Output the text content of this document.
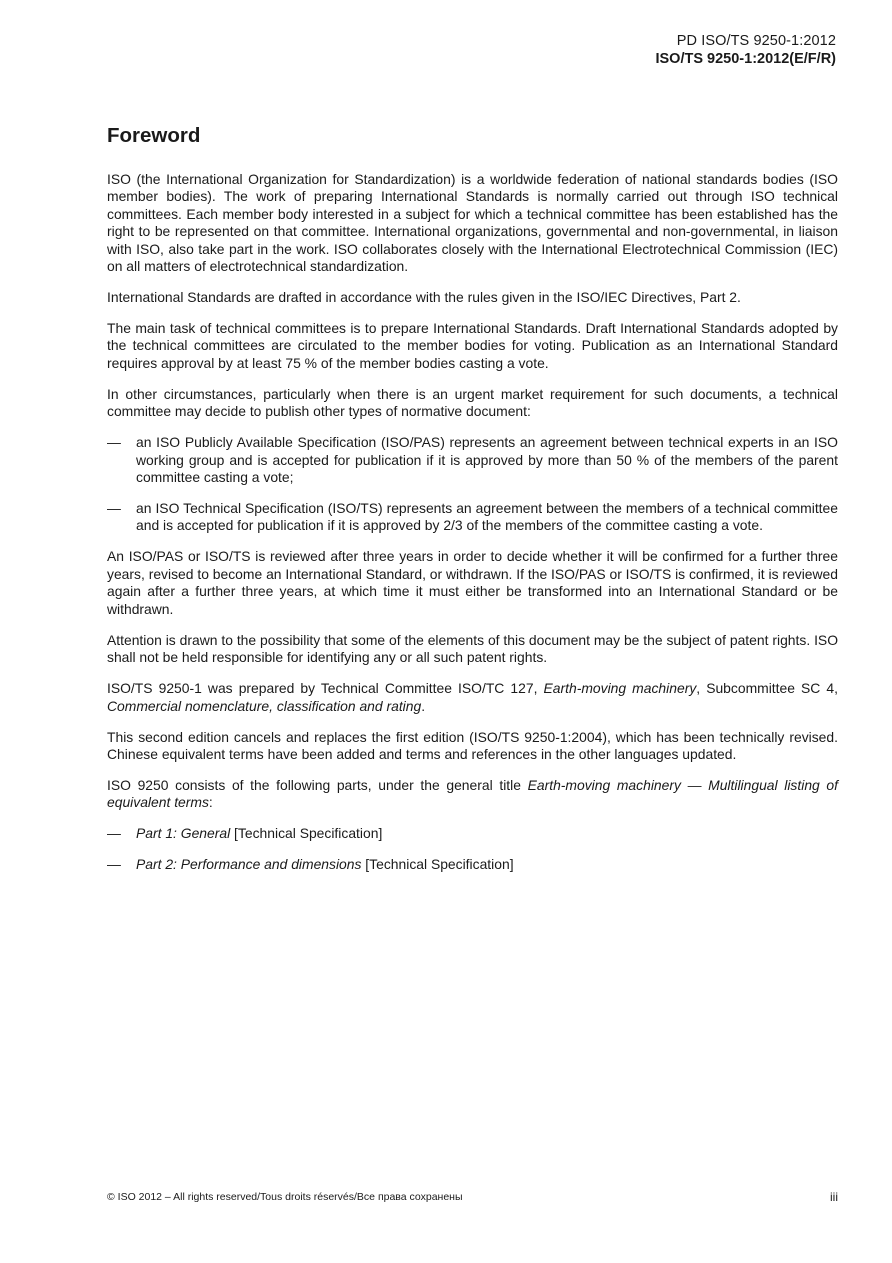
PD ISO/TS 9250-1:2012
ISO/TS 9250-1:2012(E/F/R)
Foreword

ISO (the International Organization for Standardization) is a worldwide federation of national standards bodies (ISO member bodies). The work of preparing International Standards is normally carried out through ISO technical committees. Each member body interested in a subject for which a technical committee has been established has the right to be represented on that committee. International organizations, governmental and non-governmental, in liaison with ISO, also take part in the work. ISO collaborates closely with the International Electrotechnical Commission (IEC) on all matters of electrotechnical standardization.

International Standards are drafted in accordance with the rules given in the ISO/IEC Directives, Part 2.

The main task of technical committees is to prepare International Standards. Draft International Standards adopted by the technical committees are circulated to the member bodies for voting. Publication as an International Standard requires approval by at least 75 % of the member bodies casting a vote.

In other circumstances, particularly when there is an urgent market requirement for such documents, a technical committee may decide to publish other types of normative document:

— an ISO Publicly Available Specification (ISO/PAS) represents an agreement between technical experts in an ISO working group and is accepted for publication if it is approved by more than 50 % of the members of the parent committee casting a vote;
— an ISO Technical Specification (ISO/TS) represents an agreement between the members of a technical committee and is accepted for publication if it is approved by 2/3 of the members of the committee casting a vote.

An ISO/PAS or ISO/TS is reviewed after three years in order to decide whether it will be confirmed for a further three years, revised to become an International Standard, or withdrawn. If the ISO/PAS or ISO/TS is confirmed, it is reviewed again after a further three years, at which time it must either be transformed into an International Standard or be withdrawn.

Attention is drawn to the possibility that some of the elements of this document may be the subject of patent rights. ISO shall not be held responsible for identifying any or all such patent rights.

ISO/TS 9250-1 was prepared by Technical Committee ISO/TC 127, Earth-moving machinery, Subcommittee SC 4, Commercial nomenclature, classification and rating.

This second edition cancels and replaces the first edition (ISO/TS 9250-1:2004), which has been technically revised. Chinese equivalent terms have been added and terms and references in the other languages updated.

ISO 9250 consists of the following parts, under the general title Earth-moving machinery — Multilingual listing of equivalent terms:

— Part 1: General [Technical Specification]
— Part 2: Performance and dimensions [Technical Specification]
© ISO 2012 – All rights reserved/Tous droits réservés/Все права сохранены	iii
